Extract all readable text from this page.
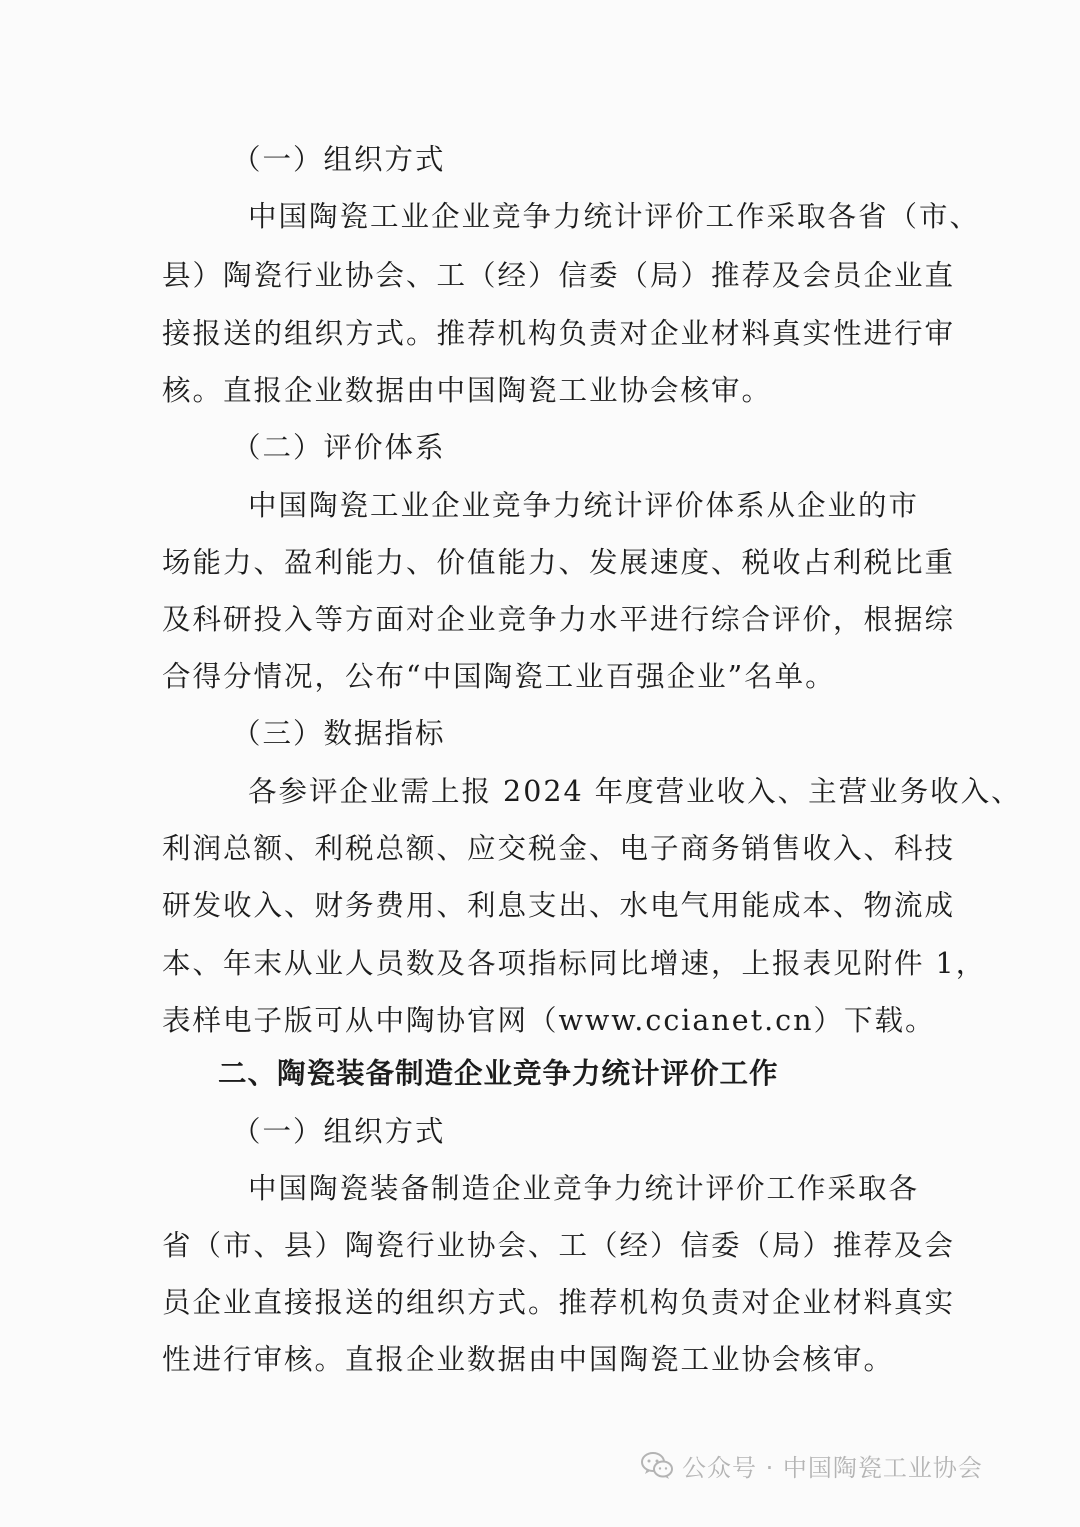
（一）组织方式
中国陶瓷工业企业竞争力统计评价工作采取各省（市、
县）陶瓷行业协会、工（经）信委（局）推荐及会员企业直
接报送的组织方式。推荐机构负责对企业材料真实性进行审
核。直报企业数据由中国陶瓷工业协会核审。
（二）评价体系
中国陶瓷工业企业竞争力统计评价体系从企业的市
场能力、盈利能力、价值能力、发展速度、税收占利税比重
及科研投入等方面对企业竞争力水平进行综合评价，根据综
合得分情况，公布“中国陶瓷工业百强企业”名单。
（三）数据指标
各参评企业需上报 2024 年度营业收入、主营业务收入、
利润总额、利税总额、应交税金、电子商务销售收入、科技
研发收入、财务费用、利息支出、水电气用能成本、物流成
本、年末从业人员数及各项指标同比增速，上报表见附件 1，
表样电子版可从中陶协官网（www.ccianet.cn）下载。
二、陶瓷装备制造企业竞争力统计评价工作
（一）组织方式
中国陶瓷装备制造企业竞争力统计评价工作采取各
省（市、县）陶瓷行业协会、工（经）信委（局）推荐及会
员企业直接报送的组织方式。推荐机构负责对企业材料真实
性进行审核。直报企业数据由中国陶瓷工业协会核审。
公众号 · 中国陶瓷工业协会
